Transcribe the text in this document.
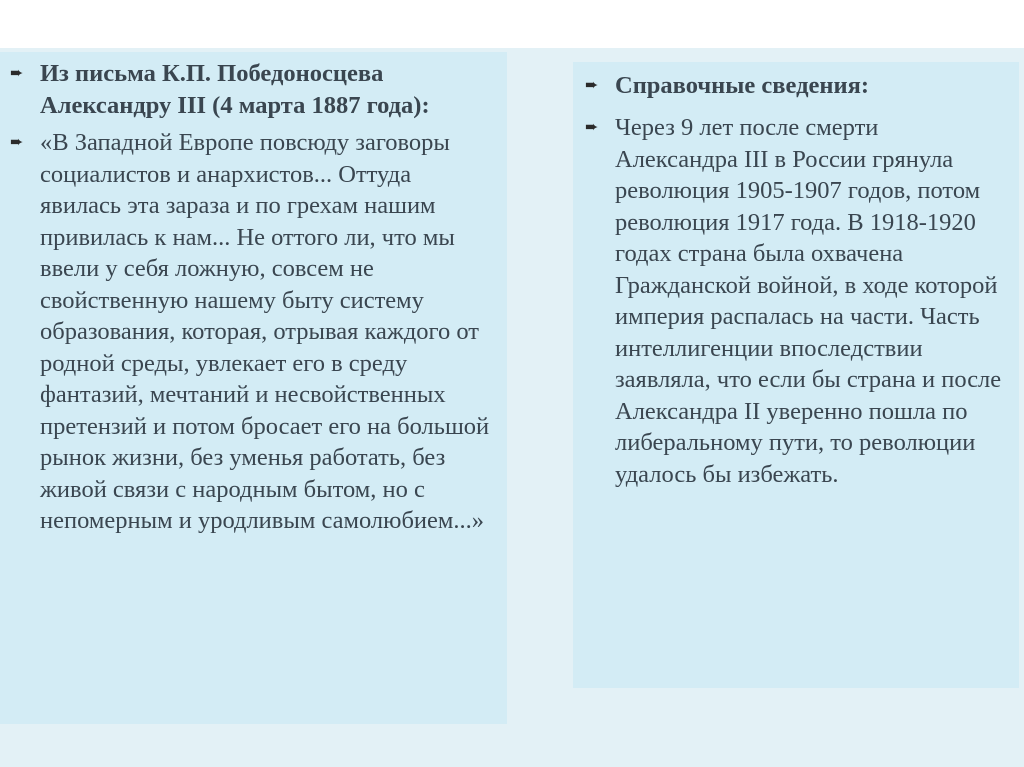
➨ Из письма К.П. Победоносцева Александру III (4 марта 1887 года):
➨ «В Западной Европе повсюду заговоры социалистов и анархистов... Оттуда явилась эта зараза и по грехам нашим привилась к нам... Не оттого ли, что мы ввели у себя ложную, совсем не свойственную нашему быту систему образования, которая, отрывая каждого от родной среды, увлекает его в среду фантазий, мечтаний и несвойственных претензий и потом бросает его на большой рынок жизни, без уменья работать, без живой связи с народным бытом, но с непомерным и уродливым самолюбием...»
➨ Справочные сведения:
➨ Через 9 лет после смерти Александра III в России грянула революция 1905-1907 годов, потом революция 1917 года. В 1918-1920 годах страна была охвачена Гражданской войной, в ходе которой империя распалась на части. Часть интеллигенции впоследствии заявляла, что если бы страна и после Александра II уверенно пошла по либеральному пути, то революции удалось бы избежать.
